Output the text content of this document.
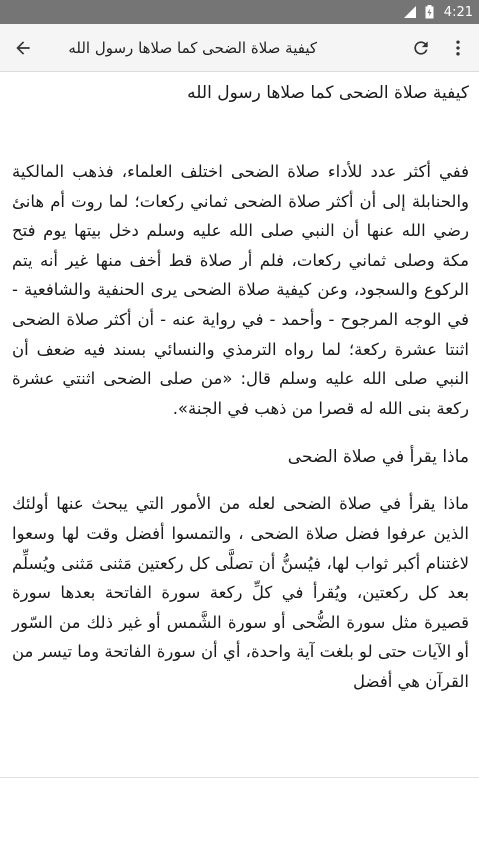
4:21
كيفية صلاة الضحى كما صلاها رسول الله
كيفية صلاة الضحى كما صلاها رسول الله

ففي أكثر عدد للأداء صلاة الضحى اختلف العلماء، فذهب المالكية والحنابلة إلى أن أكثر صلاة الضحى ثماني ركعات؛ لما روت أم هانئ رضي الله عنها أن النبي صلى الله عليه وسلم دخل بيتها يوم فتح مكة وصلى ثماني ركعات، فلم أر صلاة قط أخف منها غير أنه يتم الركوع والسجود، وعن كيفية صلاة الضحى يرى الحنفية والشافعية - في الوجه المرجوح - وأحمد - في رواية عنه - أن أكثر صلاة الضحى اثنتا عشرة ركعة؛ لما رواه الترمذي والنسائي بسند فيه ضعف أن النبي صلى الله عليه وسلم قال: «من صلى الضحى اثنتي عشرة ركعة بنى الله له قصرا من ذهب في الجنة».

ماذا يقرأ في صلاة الضحى

ماذا يقرأ في صلاة الضحى لعله من الأمور التي يبحث عنها أولئك الذين عرفوا فضل صلاة الضحى ، والتمسوا أفضل وقت لها وسعوا لاغتنام أكبر ثواب لها، فيُسنُّ أن تصلَّى كل ركعتين مَثنى مَثنى ويُسلِّم بعد كل ركعتين، ويُقرأ في كلِّ ركعة سورة الفاتحة بعدها سورة قصيرة مثل سورة الضُّحى أو سورة الشَّمس أو غير ذلك من السّور أو الآيات حتى لو بلغت آية واحدة، أي أن سورة الفاتحة وما تيسر من القرآن هي أفضل
